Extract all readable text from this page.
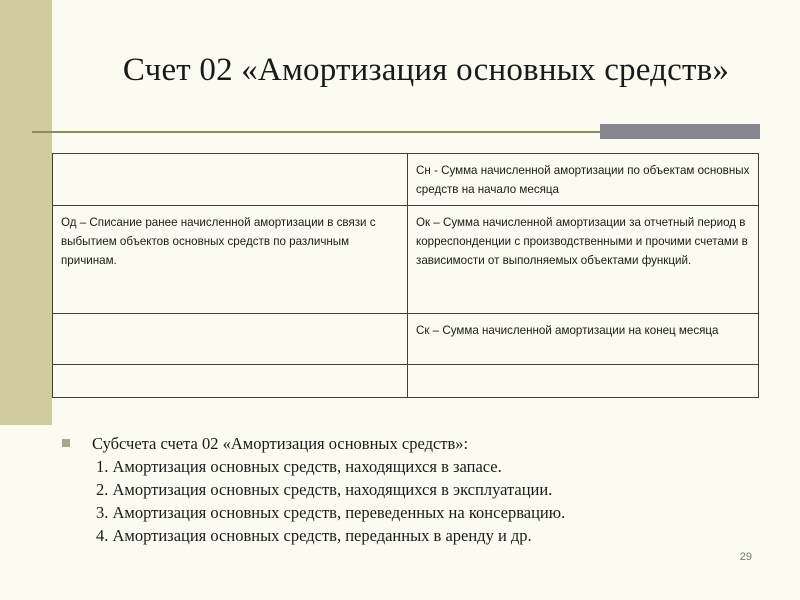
Счет 02 «Амортизация основных средств»
	Сн - Сумма начисленной амортизации по объектам основных средств на начало месяца
Од – Списание ранее начисленной амортизации в связи с выбытием объектов основных средств по различным причинам.	Ок – Сумма начисленной амортизации за отчетный период в корреспонденции с производственными и прочими счетами в зависимости от выполняемых объектами функций.
	Ск – Сумма начисленной амортизации на конец месяца

Субсчета счета 02 «Амортизация основных средств»:
1. Амортизация основных средств, находящихся в запасе.
2. Амортизация основных средств, находящихся в эксплуатации.
3. Амортизация основных средств, переведенных на консервацию.
4. Амортизация основных средств, переданных в аренду и др.
29
